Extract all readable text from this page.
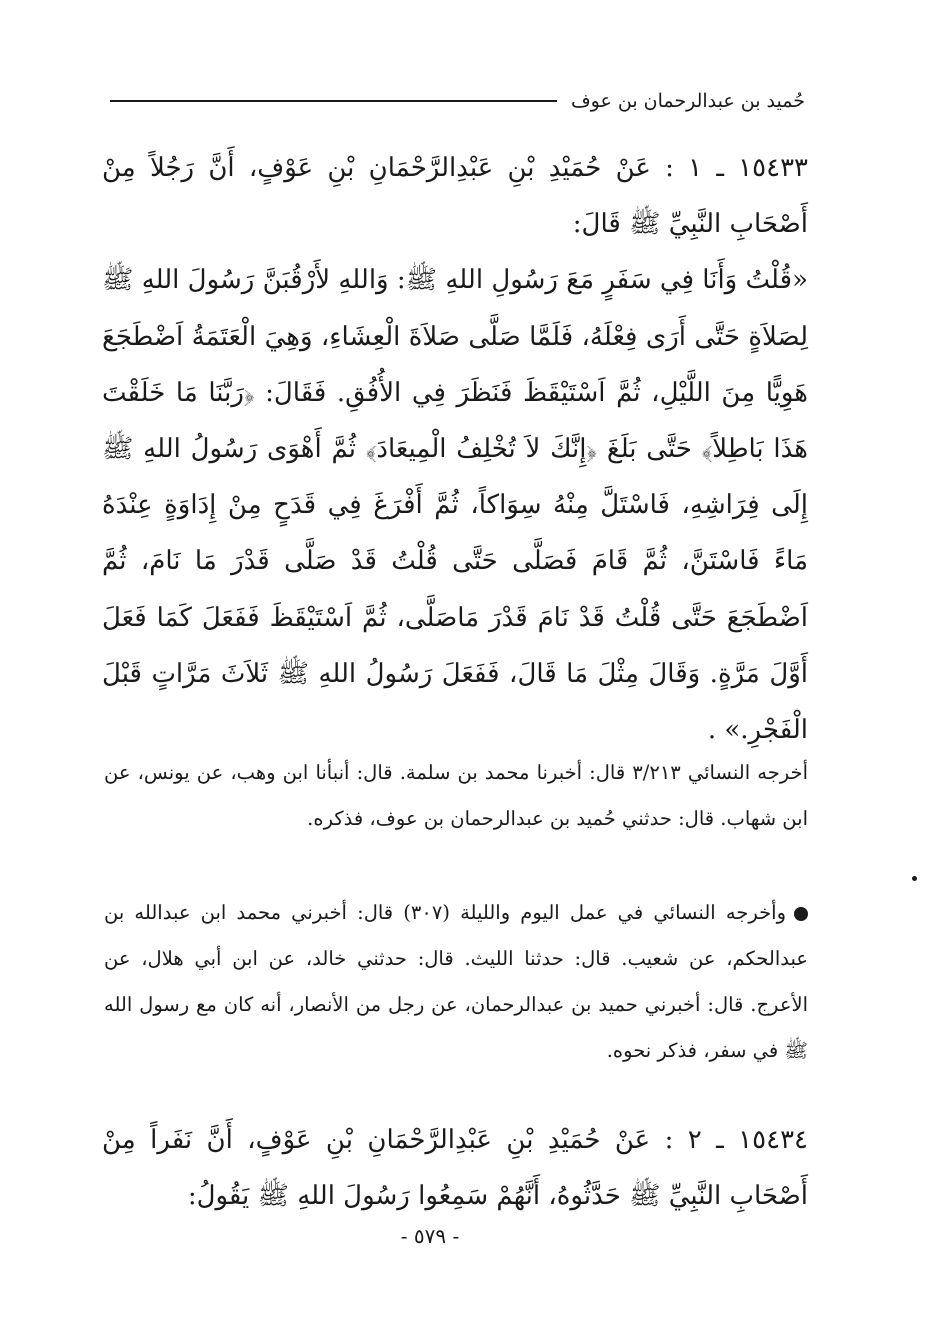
حُميد بن عبدالرحمان بن عوف

١٥٤٣٣ ـ ١ : عَنْ حُمَيْدِ بْنِ عَبْدِالرَّحْمَانِ بْنِ عَوْفٍ، أَنَّ رَجُلاً مِنْ أَصْحَابِ النَّبِيِّ ﷺ قَالَ:

«قُلْتُ وَأَنَا فِي سَفَرٍ مَعَ رَسُولِ اللهِ ﷺ: وَاللهِ لأَرْقُبَنَّ رَسُولَ اللهِ ﷺ لِصَلاَةٍ حَتَّى أَرَى فِعْلَهُ، فَلَمَّا صَلَّى صَلاَةَ الْعِشَاءِ، وَهِيَ الْعَتَمَةُ اَضْطَجَعَ هَوِيًّا مِنَ اللَّيْلِ، ثُمَّ اَسْتَيْقَظَ فَنَظَرَ فِي الأُفُقِ. فَقَالَ: ﴿رَبَّنَا مَا خَلَقْتَ هَذَا بَاطِلاً﴾ حَتَّى بَلَغَ ﴿إِنَّكَ لاَ تُخْلِفُ الْمِيعَادَ﴾ ثُمَّ أَهْوَى رَسُولُ اللهِ ﷺ إِلَى فِرَاشِهِ، فَاسْتَلَّ مِنْهُ سِوَاكاً، ثُمَّ أَفْرَغَ فِي قَدَحٍ مِنْ إِدَاوَةٍ عِنْدَهُ مَاءً فَاسْتَنَّ، ثُمَّ قَامَ فَصَلَّى حَتَّى قُلْتُ قَدْ صَلَّى قَدْرَ مَا نَامَ، ثُمَّ اَضْطَجَعَ حَتَّى قُلْتُ قَدْ نَامَ قَدْرَ مَاصَلَّى، ثُمَّ اَسْتَيْقَظَ فَفَعَلَ كَمَا فَعَلَ أَوَّلَ مَرَّةٍ. وَقَالَ مِثْلَ مَا قَالَ، فَفَعَلَ رَسُولُ اللهِ ﷺ ثَلاَثَ مَرَّاتٍ قَبْلَ الْفَجْرِ.» .

أخرجه النسائي ٣/٢١٣ قال: أخبرنا محمد بن سلمة. قال: أنبأنا ابن وهب، عن يونس، عن ابن شهاب. قال: حدثني حُميد بن عبدالرحمان بن عوف، فذكره.

وأخرجه النسائي في عمل اليوم والليلة (٣٠٧) قال: أخبرني محمد ابن عبدالله بن عبدالحكم، عن شعيب. قال: حدثنا الليث. قال: حدثني خالد، عن ابن أبي هلال، عن الأعرج. قال: أخبرني حميد بن عبدالرحمان، عن رجل من الأنصار، أنه كان مع رسول الله ﷺ في سفر، فذكر نحوه.

١٥٤٣٤ ـ ٢ : عَنْ حُمَيْدِ بْنِ عَبْدِالرَّحْمَانِ بْنِ عَوْفٍ، أَنَّ نَفَراً مِنْ أَصْحَابِ النَّبِيِّ ﷺ حَدَّثُوهُ، أَنَّهُمْ سَمِعُوا رَسُولَ اللهِ ﷺ يَقُولُ:

- ٥٧٩ -
